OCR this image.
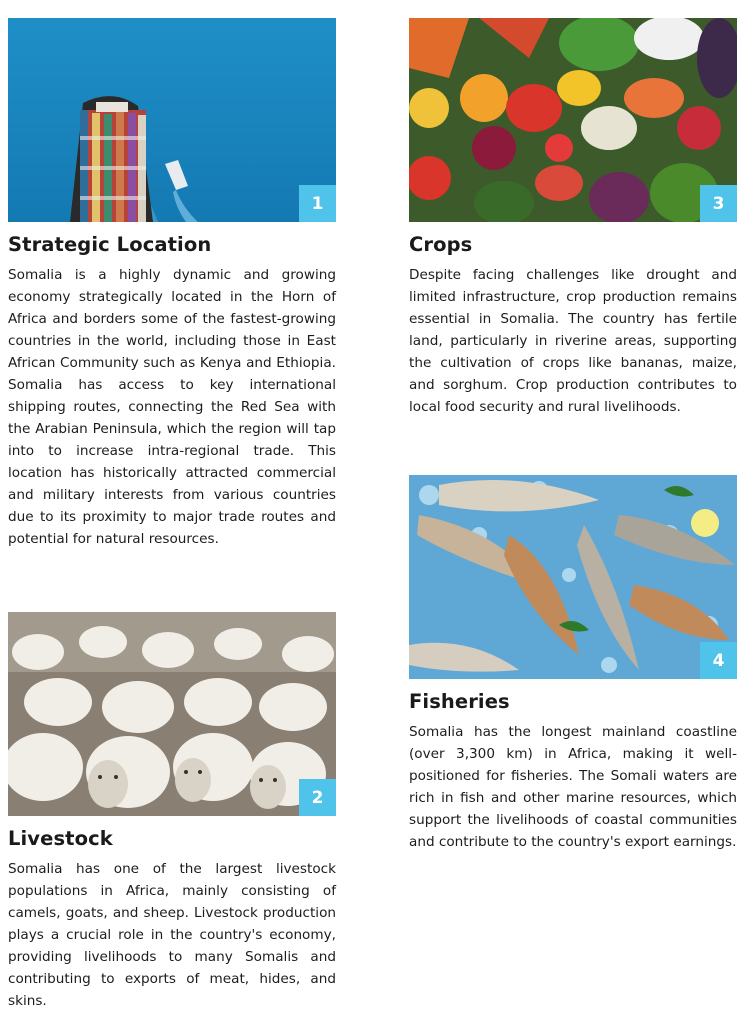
1
Strategic Location
Somalia is a highly dynamic and growing economy strategically located in the Horn of Africa and borders some of the fastest-growing countries in the world, including those in East African Community such as Kenya and Ethiopia. Somalia has access to key international shipping routes, connecting the Red Sea with the Arabian Peninsula, which the region will tap into to increase intra-regional trade. This location has historically attracted commercial and military interests from various countries due to its proximity to major trade routes and potential for natural resources.
2
Livestock
Somalia has one of the largest livestock populations in Africa, mainly consisting of camels, goats, and sheep. Livestock production plays a crucial role in the country's economy, providing livelihoods to many Somalis and contributing to exports of meat, hides, and skins.
3
Crops
Despite facing challenges like drought and limited infrastructure, crop production remains essential in Somalia. The country has fertile land, particularly in riverine areas, supporting the cultivation of crops like bananas, maize, and sorghum. Crop production contributes to local food security and rural livelihoods.
4
Fisheries
Somalia has the longest mainland coastline (over 3,300 km) in Africa, making it well-positioned for fisheries. The Somali waters are rich in fish and other marine resources, which support the livelihoods of coastal communities and contribute to the country's export earnings.
